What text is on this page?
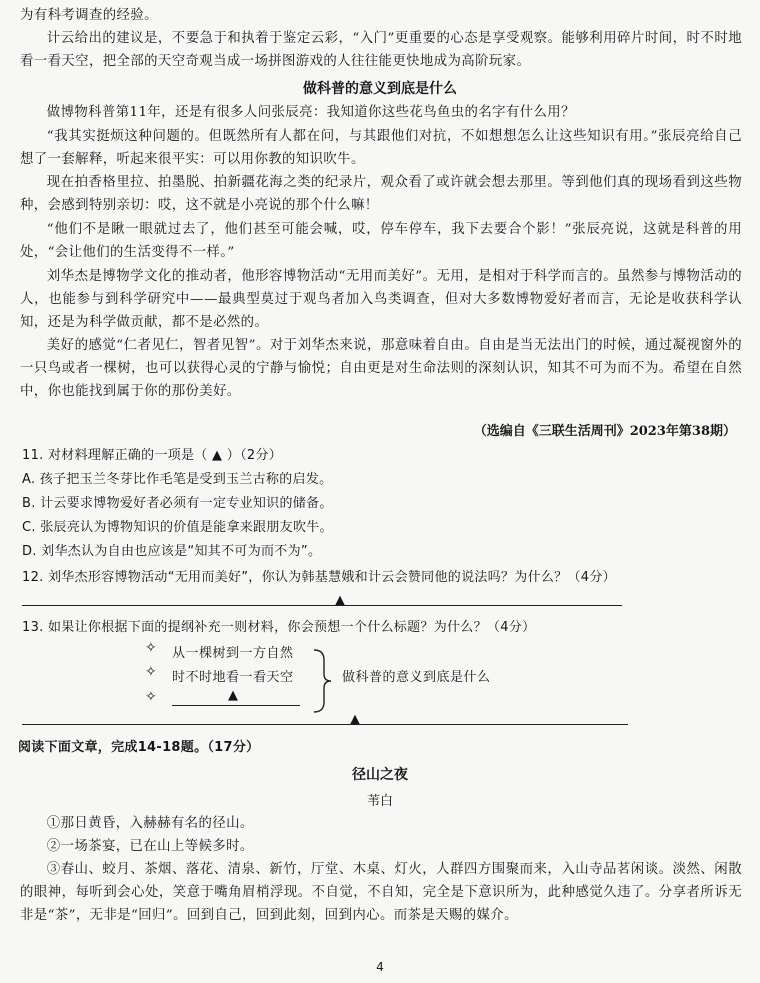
为有科考调查的经验。

计云给出的建议是，不要急于和执着于鉴定云彩，“入门”更重要的心态是享受观察。能够利用碎片时间，时不时地看一看天空，把全部的天空奇观当成一场拼图游戏的人往往能更快地成为高阶玩家。

做科普的意义到底是什么

做博物科普第11年，还是有很多人问张辰亮：我知道你这些花鸟鱼虫的名字有什么用？

“我其实挺烦这种问题的。但既然所有人都在问，与其跟他们对抗，不如想想怎么让这些知识有用。”张辰亮给自己想了一套解释，听起来很平实：可以用你教的知识吹牛。

现在拍香格里拉、拍墨脱、拍新疆花海之类的纪录片，观众看了或许就会想去那里。等到他们真的现场看到这些物种，会感到特别亲切：哎，这不就是小亮说的那个什么嘛！

“他们不是瞅一眼就过去了，他们甚至可能会喊，哎，停车停车，我下去要合个影！”张辰亮说，这就是科普的用处，“会让他们的生活变得不一样。”

刘华杰是博物学文化的推动者，他形容博物活动“无用而美好”。无用，是相对于科学而言的。虽然参与博物活动的人，也能参与到科学研究中——最典型莫过于观鸟者加入鸟类调查，但对大多数博物爱好者而言，无论是收获科学认知，还是为科学做贡献，都不是必然的。

美好的感觉“仁者见仁，智者见智”。对于刘华杰来说，那意味着自由。自由是当无法出门的时候，通过凝视窗外的一只鸟或者一棵树，也可以获得心灵的宁静与愉悦；自由更是对生命法则的深刻认识，知其不可为而不为。希望在自然中，你也能找到属于你的那份美好。

（选编自《三联生活周刊》2023年第38期）
11. 对材料理解正确的一项是（ ▲ ）（2分）
A. 孩子把玉兰冬芽比作毛笔是受到玉兰古称的启发。
B. 计云要求博物爱好者必须有一定专业知识的储备。
C. 张辰亮认为博物知识的价值是能拿来跟朋友吹牛。
D. 刘华杰认为自由也应该是“知其不可为而不为”。
12. 刘华杰形容博物活动“无用而美好”，你认为韩基慧娥和计云会赞同他的说法吗？为什么？（4分）
▲
13. 如果让你根据下面的提纲补充一则材料，你会预想一个什么标题？为什么？（4分）
✧ 从一棵树到一方自然
✧ 时不时地看一看天空
✧	▲
做科普的意义到底是什么
▲
阅读下面文章，完成14-18题。（17分）
径山之夜
苇白

①那日黄昏，入赫赫有名的径山。

②一场茶宴，已在山上等候多时。

③春山、蛟月、茶烟、落花、清泉、新竹，厅堂、木桌、灯火，人群四方围聚而来，入山寺品茗闲谈。淡然、闲散的眼神，每听到会心处，笑意于嘴角眉梢浮现。不自觉，不自知，完全是下意识所为，此种感觉久违了。分享者所诉无非是“茶”，无非是“回归”。回到自己，回到此刻，回到内心。而茶是天赐的媒介。

4
